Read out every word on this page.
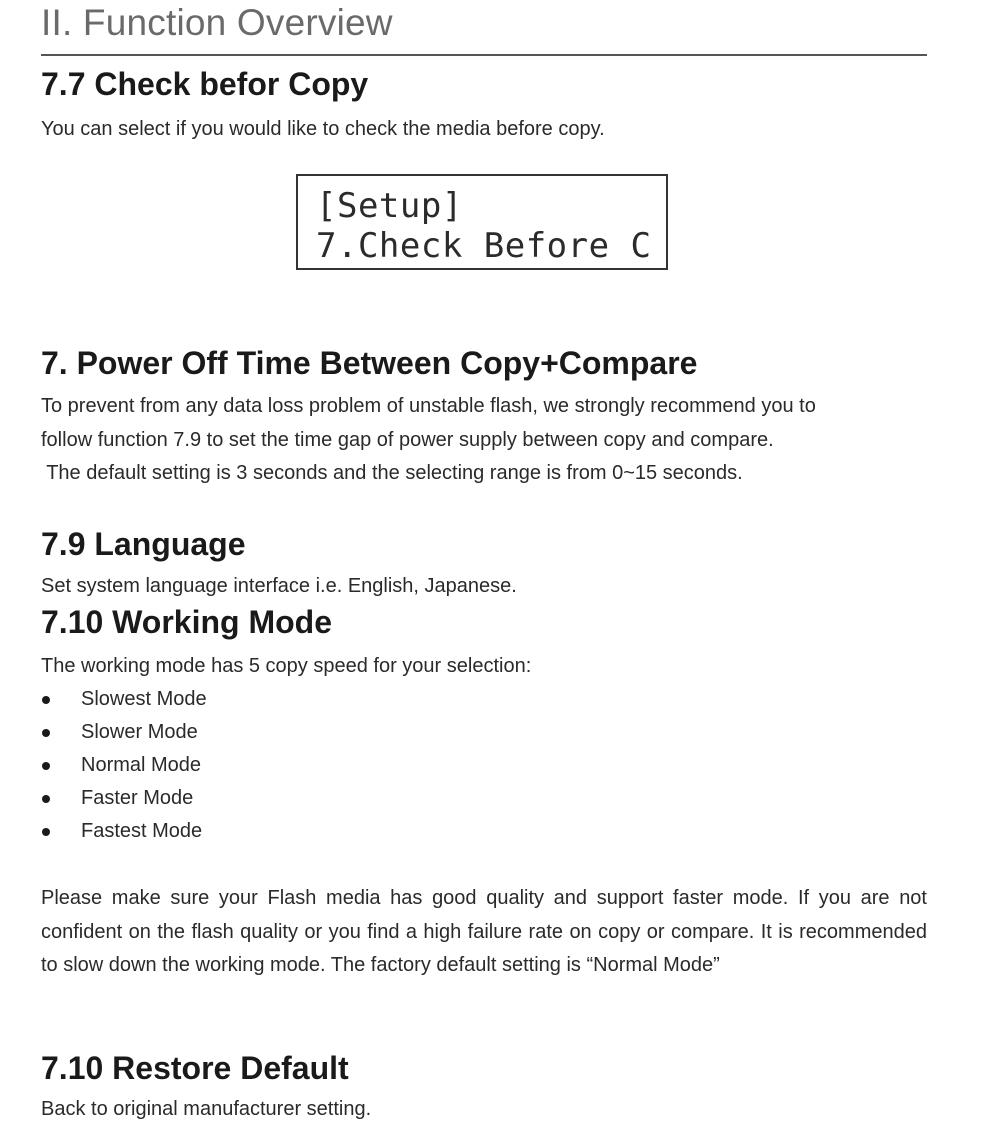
II. Function Overview
7.7 Check befor Copy

You can select if you would like to check the media before copy.

[Setup]
7.Check Before C
7. Power Off Time Between Copy+Compare

To prevent from any data loss problem of unstable flash, we strongly recommend you to

follow function 7.9 to set the time gap of power supply between copy and compare.

The default setting is 3 seconds and the selecting range is from 0~15 seconds.

7.9 Language

Set system language interface i.e. English, Japanese.

7.10 Working Mode

The working mode has 5 copy speed for your selection:

Slowest Mode
Slower Mode
Normal Mode
Faster Mode
Fastest Mode

Please make sure your Flash media has good quality and support faster mode. If you are not confident on the flash quality or you find a high failure rate on copy or compare. It is recommended to slow down the working mode. The factory default setting is “Normal Mode”

7.10 Restore Default

Back to original manufacturer setting.
